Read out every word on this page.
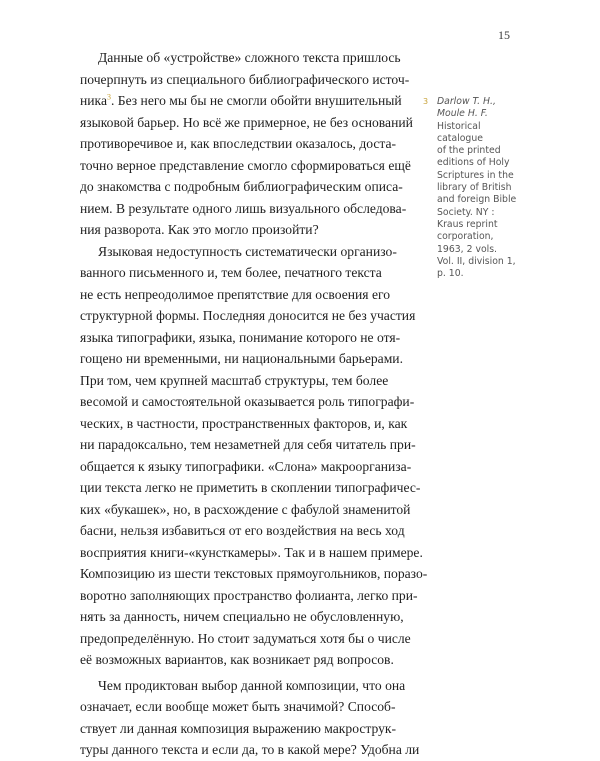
15
Данные об «устройстве» сложного текста пришлось
почерпнуть из специального библиографического источ-
ника$^3$. Без него мы бы не смогли обойти внушительный
языковой барьер. Но всё же примерное, не без оснований
противоречивое и, как впоследствии оказалось, доста-
точно верное представление смогло сформироваться ещё
до знакомства с подробным библиографическим описа-
нием. В результате одного лишь визуального обследова-
ния разворота. Как это могло произойти?
Языковая недоступность систематически организо-
ванного письменного и, тем более, печатного текста
не есть непреодолимое препятствие для освоения его
структурной формы. Последняя доносится не без участия
языка типографики, языка, понимание которого не отя-
гощено ни временными, ни национальными барьерами.
При том, чем крупней масштаб структуры, тем более
весомой и самостоятельной оказывается роль типографи-
ческих, в частности, пространственных факторов, и, как
ни парадоксально, тем незаметней для себя читатель при-
общается к языку типографики. «Слона» макроорганиза-
ции текста легко не приметить в скоплении типографичес-
ких «букашек», но, в расхождение с фабулой знаменитой
басни, нельзя избавиться от его воздействия на весь ход
восприятия книги-«кунсткамеры». Так и в нашем примере.
Композицию из шести текстовых прямоугольников, поразо-
воротно заполняющих пространство фолианта, легко при-
нять за данность, ничем специально не обусловленную,
предопределённую. Но стоит задуматься хотя бы о числе
её возможных вариантов, как возникает ряд вопросов.
Чем продиктован выбор данной композиции, что она
означает, если вообще может быть значимой? Способ-
ствует ли данная композиция выражению макрострук-
туры данного текста и если да, то в какой мере? Удобна ли
3 Darlow T. H.,
Moule H. F.
Historical
catalogue
of the printed
editions of Holy
Scriptures in the
library of British
and foreign Bible
Society. NY :
Kraus reprint
corporation,
1963, 2 vols.
Vol. II, division 1,
p. 10.
